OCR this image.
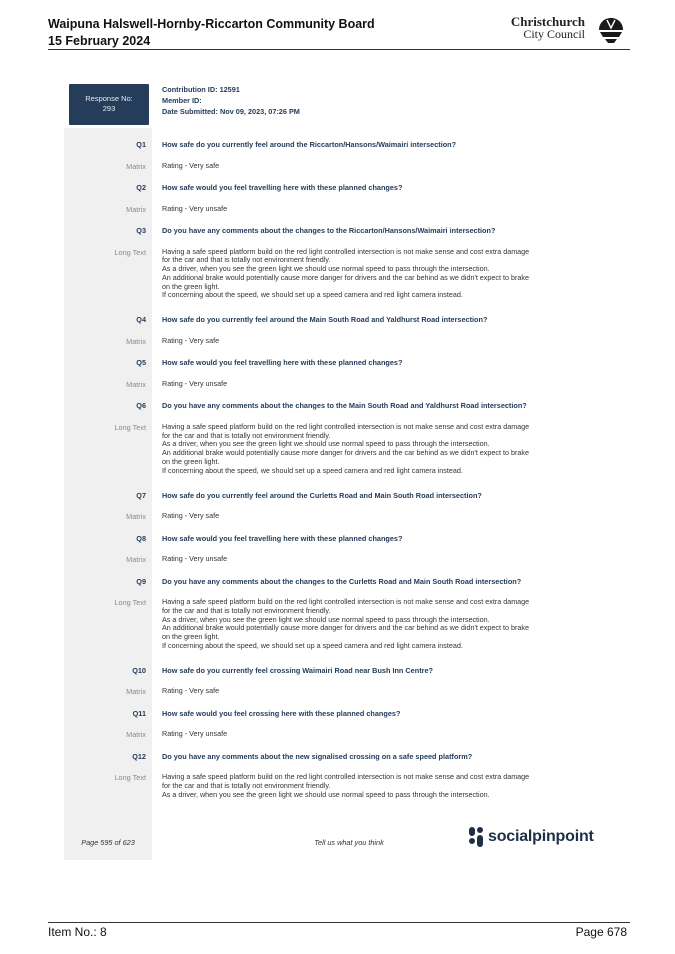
Waipuna Halswell-Hornby-Riccarton Community Board
15 February 2024
Christchurch
City Council
Response No:
293
Contribution ID: 12591
Member ID:
Date Submitted: Nov 09, 2023, 07:26 PM
Q1 How safe do you currently feel around the Riccarton/Hansons/Waimairi intersection?
Matrix Rating - Very safe
Q2 How safe would you feel travelling here with these planned changes?
Matrix Rating - Very unsafe
Q3 Do you have any comments about the changes to the Riccarton/Hansons/Waimairi intersection?
Long Text Having a safe speed platform build on the red light controlled intersection is not make sense and cost extra damage
for the car and that is totally not environment friendly.
As a driver, when you see the green light we should use normal speed to pass through the intersection.
An additional brake would potentially cause more danger for drivers and the car behind as we didn't expect to brake
on the green light.
If concerning about the speed, we should set up a speed camera and red light camera instead.
Q4 How safe do you currently feel around the Main South Road and Yaldhurst Road intersection?
Matrix Rating - Very safe
Q5 How safe would you feel travelling here with these planned changes?
Matrix Rating - Very unsafe
Q6 Do you have any comments about the changes to the Main South Road and Yaldhurst Road intersection?
Long Text Having a safe speed platform build on the red light controlled intersection is not make sense and cost extra damage
for the car and that is totally not environment friendly.
As a driver, when you see the green light we should use normal speed to pass through the intersection.
An additional brake would potentially cause more danger for drivers and the car behind as we didn't expect to brake
on the green light.
If concerning about the speed, we should set up a speed camera and red light camera instead.
Q7 How safe do you currently feel around the Curletts Road and Main South Road intersection?
Matrix Rating - Very safe
Q8 How safe would you feel travelling here with these planned changes?
Matrix Rating - Very unsafe
Q9 Do you have any comments about the changes to the Curletts Road and Main South Road intersection?
Long Text Having a safe speed platform build on the red light controlled intersection is not make sense and cost extra damage
for the car and that is totally not environment friendly.
As a driver, when you see the green light we should use normal speed to pass through the intersection.
An additional brake would potentially cause more danger for drivers and the car behind as we didn't expect to brake
on the green light.
If concerning about the speed, we should set up a speed camera and red light camera instead.
Q10 How safe do you currently feel crossing Waimairi Road near Bush Inn Centre?
Matrix Rating - Very safe
Q11 How safe would you feel crossing here with these planned changes?
Matrix Rating - Very unsafe
Q12 Do you have any comments about the new signalised crossing on a safe speed platform?
Long Text Having a safe speed platform build on the red light controlled intersection is not make sense and cost extra damage
for the car and that is totally not environment friendly.
As a driver, when you see the green light we should use normal speed to pass through the intersection.
Page 595 of 623	Tell us what you think	socialpinpoint
Item No.: 8	Page 678
